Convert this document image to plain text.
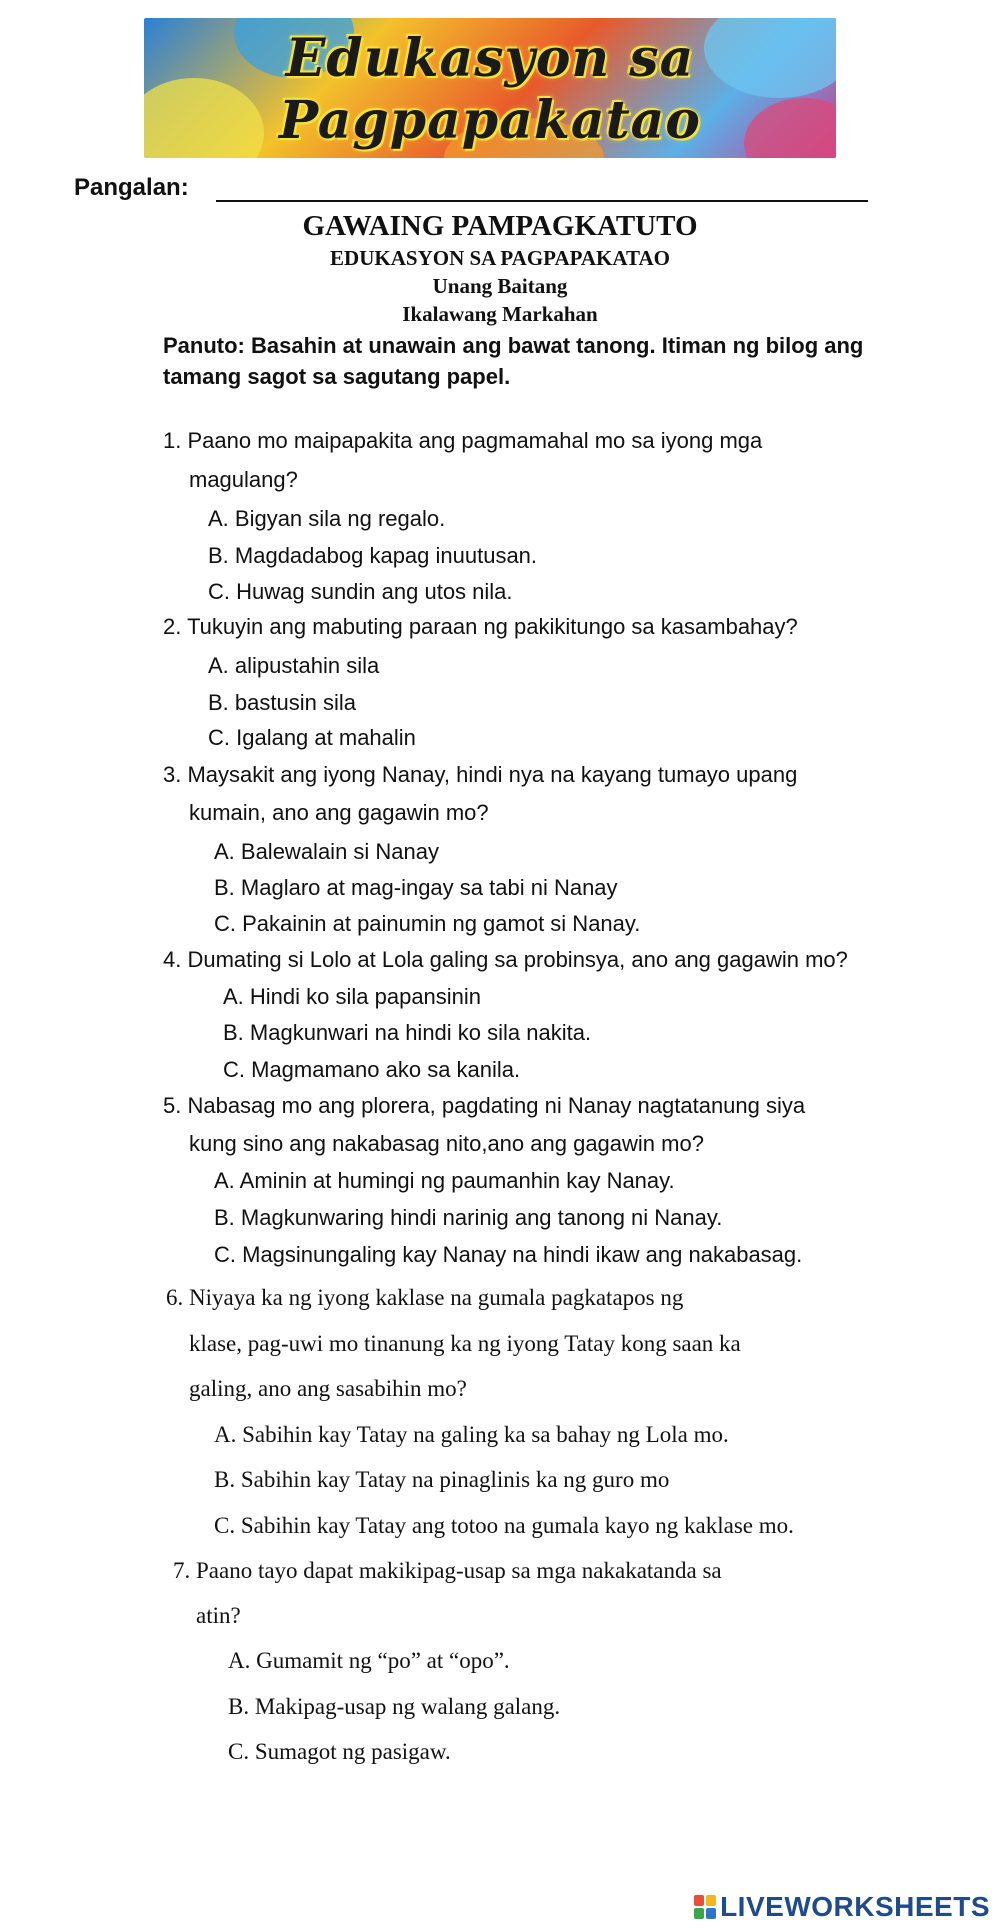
Edukasyon sa
Pagpapakatao
Pangalan:
GAWAING PAMPAGKATUTO
EDUKASYON SA PAGPAPAKATAO
Unang Baitang
Ikalawang Markahan
Panuto: Basahin at unawain ang bawat tanong. Itiman ng bilog ang tamang sagot sa sagutang papel.
1. Paano mo maipapakita ang pagmamahal mo sa iyong mga
magulang?
A. Bigyan sila ng regalo.
B. Magdadabog kapag inuutusan.
C. Huwag sundin ang utos nila.
2. Tukuyin ang mabuting paraan ng pakikitungo sa kasambahay?
A. alipustahin sila
B. bastusin sila
C. Igalang at mahalin
3. Maysakit ang iyong Nanay, hindi nya na kayang tumayo upang
kumain, ano ang gagawin mo?
A. Balewalain si Nanay
B. Maglaro at mag-ingay sa tabi ni Nanay
C. Pakainin at painumin ng gamot si Nanay.
4. Dumating si Lolo at Lola galing sa probinsya, ano ang gagawin mo?
A. Hindi ko sila papansinin
B. Magkunwari na hindi ko sila nakita.
C. Magmamano ako sa kanila.
5. Nabasag mo ang plorera, pagdating ni Nanay nagtatanung siya
kung sino ang nakabasag nito,ano ang gagawin mo?
A. Aminin at humingi ng paumanhin kay Nanay.
B. Magkunwaring hindi narinig ang tanong ni Nanay.
C. Magsinungaling kay Nanay na hindi ikaw ang nakabasag.
6. Niyaya ka ng iyong kaklase na gumala pagkatapos ng
klase, pag-uwi mo tinanung ka ng iyong Tatay kong saan ka
galing, ano ang sasabihin mo?
A. Sabihin kay Tatay na galing ka sa bahay ng Lola mo.
B. Sabihin kay Tatay na pinaglinis ka ng guro mo
C. Sabihin kay Tatay ang totoo na gumala kayo ng kaklase mo.
7. Paano tayo dapat makikipag-usap sa mga nakakatanda sa
atin?
A. Gumamit ng “po” at “opo”.
B. Makipag-usap ng walang galang.
C. Sumagot ng pasigaw.
LIVEWORKSHEETS
